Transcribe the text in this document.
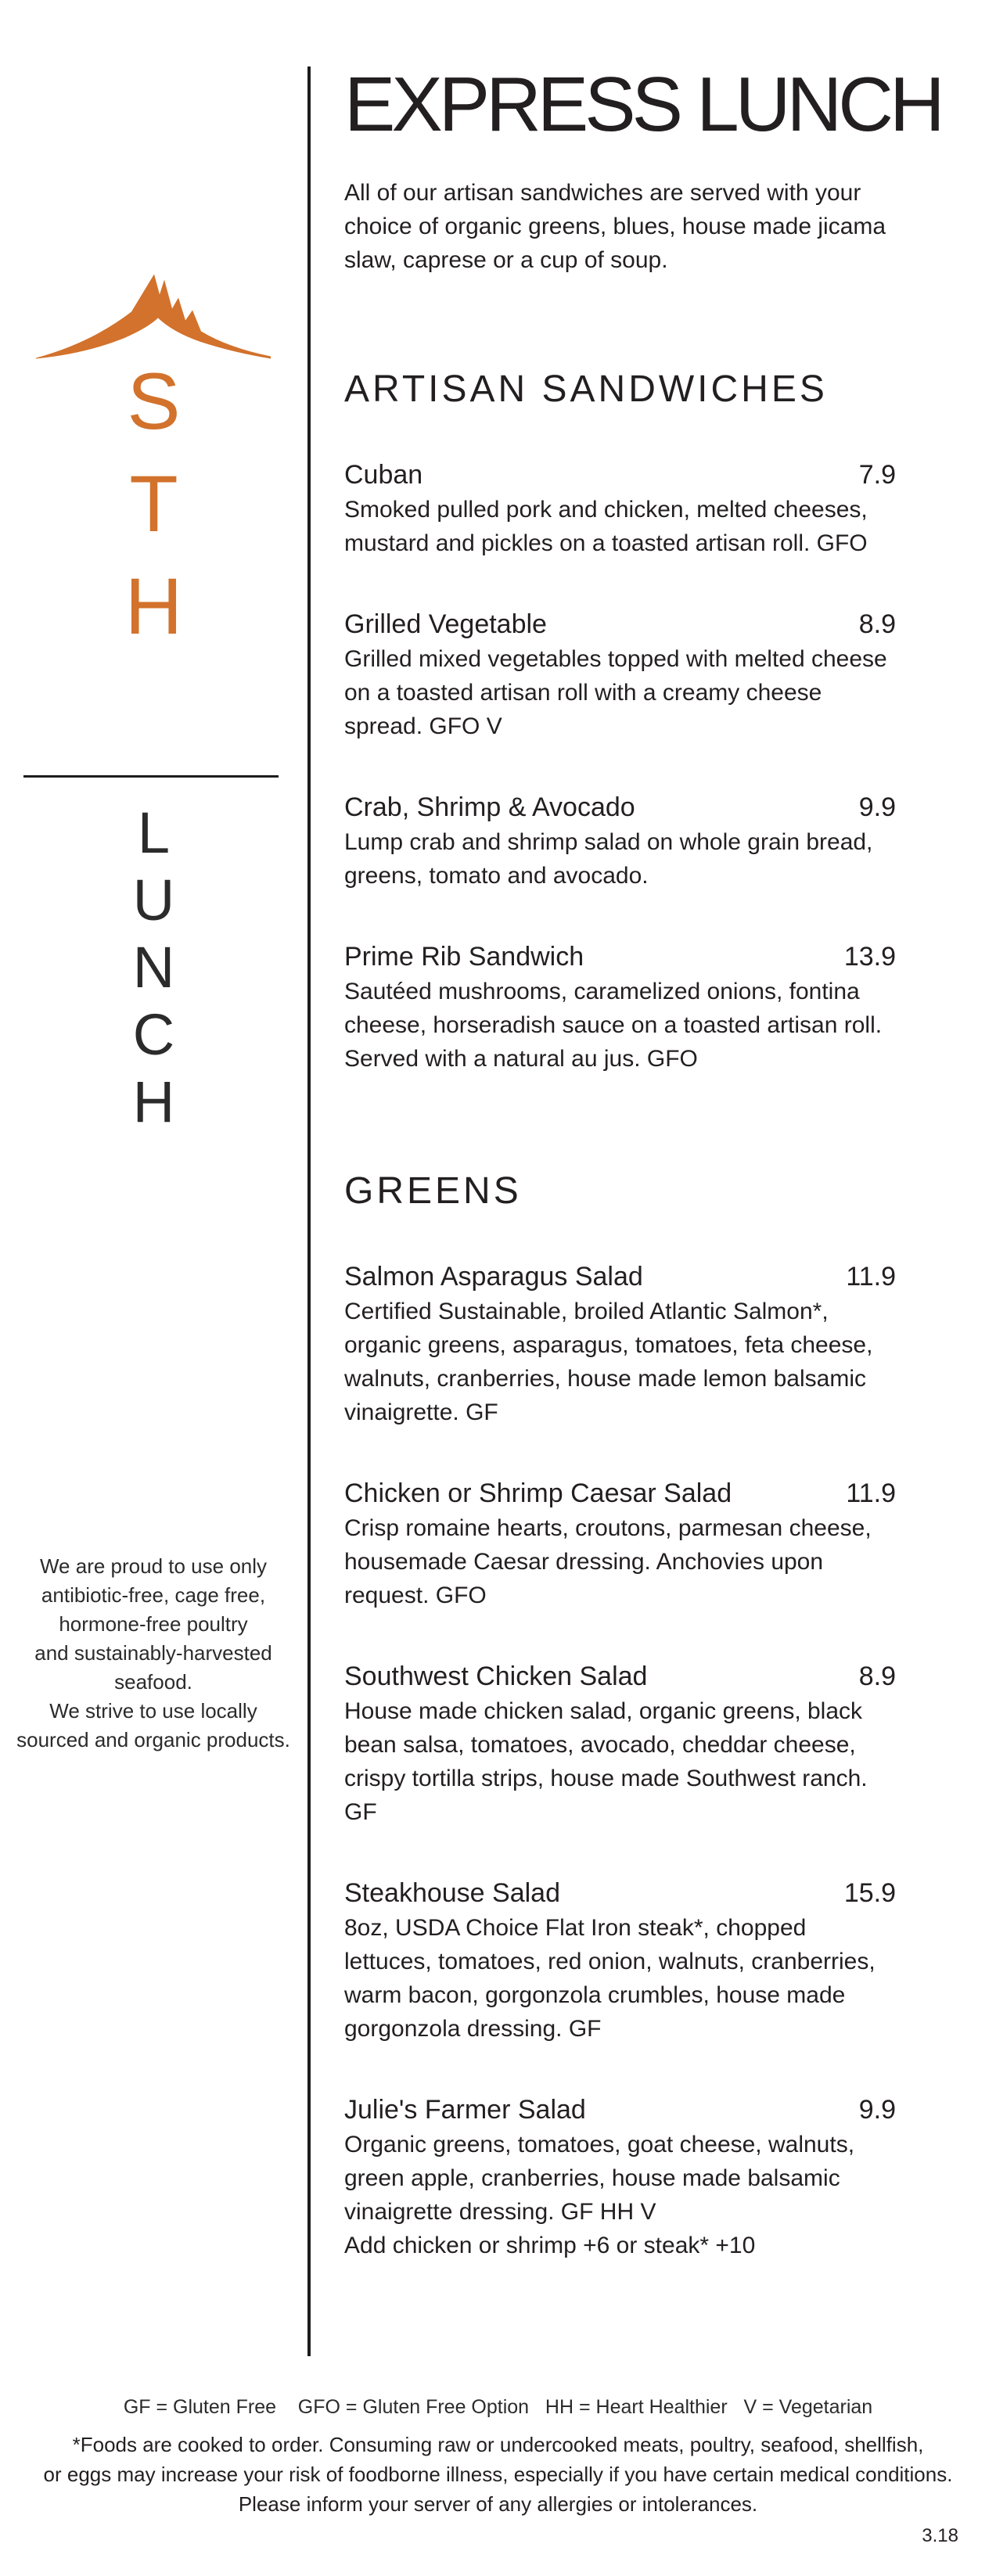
S
T
H
L
U
N
C
H
We are proud to use only
antibiotic-free, cage free,
hormone-free poultry
and sustainably-harvested
seafood.
We strive to use locally
sourced and organic products.
EXPRESS LUNCH
All of our artisan sandwiches are served with your choice of organic greens, blues, house made jicama slaw, caprese or a cup of soup.
ARTISAN SANDWICHES
Cuban	7.9
Smoked pulled pork and chicken, melted cheeses, mustard and pickles on a toasted artisan roll. GFO
Grilled Vegetable	8.9
Grilled mixed vegetables topped with melted cheese on a toasted artisan roll with a creamy cheese spread. GFO V
Crab, Shrimp & Avocado	9.9
Lump crab and shrimp salad on whole grain bread, greens, tomato and avocado.
Prime Rib Sandwich	13.9
Sautéed mushrooms, caramelized onions, fontina cheese, horseradish sauce on a toasted artisan roll. Served with a natural au jus. GFO
GREENS
Salmon Asparagus Salad	11.9
Certified Sustainable, broiled Atlantic Salmon*, organic greens, asparagus, tomatoes, feta cheese, walnuts, cranberries, house made lemon balsamic vinaigrette. GF
Chicken or Shrimp Caesar Salad	11.9
Crisp romaine hearts, croutons, parmesan cheese, housemade Caesar dressing. Anchovies upon request. GFO
Southwest Chicken Salad	8.9
House made chicken salad, organic greens, black bean salsa, tomatoes, avocado, cheddar cheese, crispy tortilla strips, house made Southwest ranch. GF
Steakhouse Salad	15.9
8oz, USDA Choice Flat Iron steak*, chopped lettuces, tomatoes, red onion, walnuts, cranberries, warm bacon, gorgonzola crumbles, house made gorgonzola dressing. GF
Julie's Farmer Salad	9.9
Organic greens, tomatoes, goat cheese, walnuts, green apple, cranberries, house made balsamic vinaigrette dressing. GF HH V
Add chicken or shrimp +6 or steak* +10
GF = Gluten Free    GFO = Gluten Free Option   HH = Heart Healthier   V = Vegetarian
*Foods are cooked to order. Consuming raw or undercooked meats, poultry, seafood, shellfish,
or eggs may increase your risk of foodborne illness, especially if you have certain medical conditions.
Please inform your server of any allergies or intolerances.
3.18
